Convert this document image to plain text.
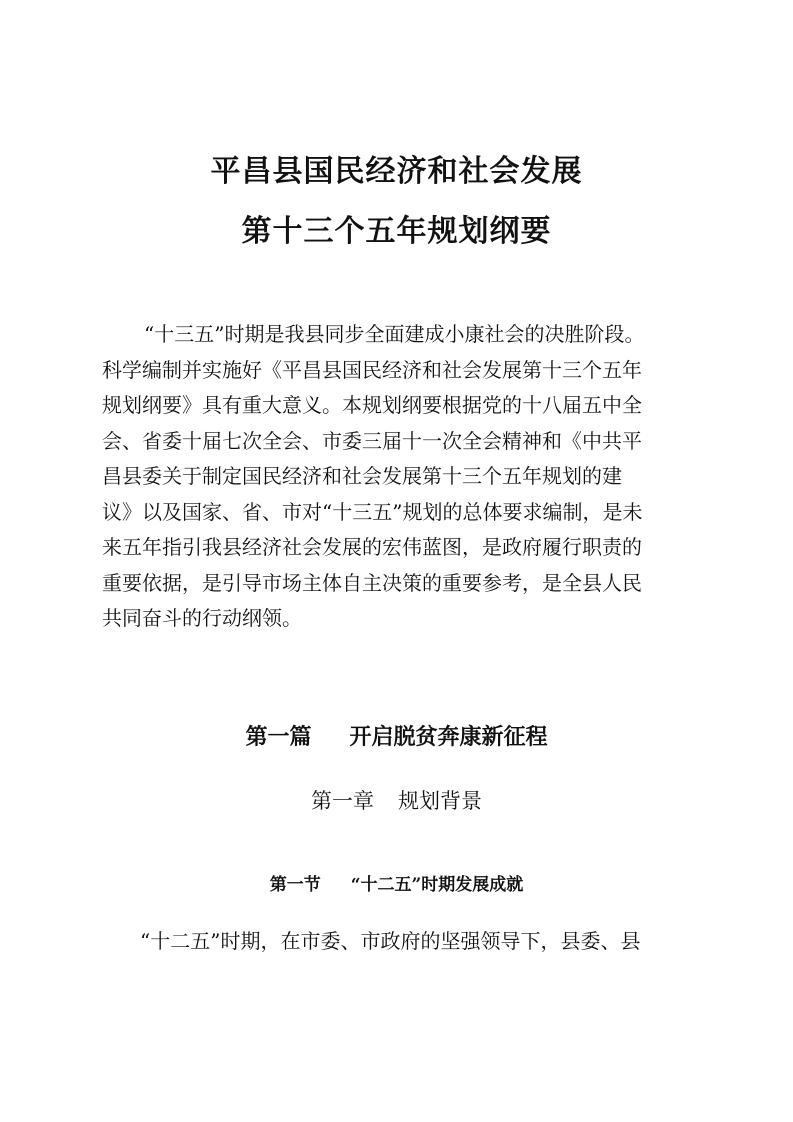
平昌县国民经济和社会发展
第十三个五年规划纲要
“十三五”时期是我县同步全面建成小康社会的决胜阶段。
科学编制并实施好《平昌县国民经济和社会发展第十三个五年
规划纲要》具有重大意义。本规划纲要根据党的十八届五中全
会、省委十届七次全会、市委三届十一次全会精神和《中共平
昌县委关于制定国民经济和社会发展第十三个五年规划的建
议》以及国家、省、市对“十三五”规划的总体要求编制，是未
来五年指引我县经济社会发展的宏伟蓝图，是政府履行职责的
重要依据，是引导市场主体自主决策的重要参考，是全县人民
共同奋斗的行动纲领。
第一篇 开启脱贫奔康新征程
第一章 规划背景
第一节 “十二五”时期发展成就
“十二五”时期，在市委、市政府的坚强领导下，县委、县
